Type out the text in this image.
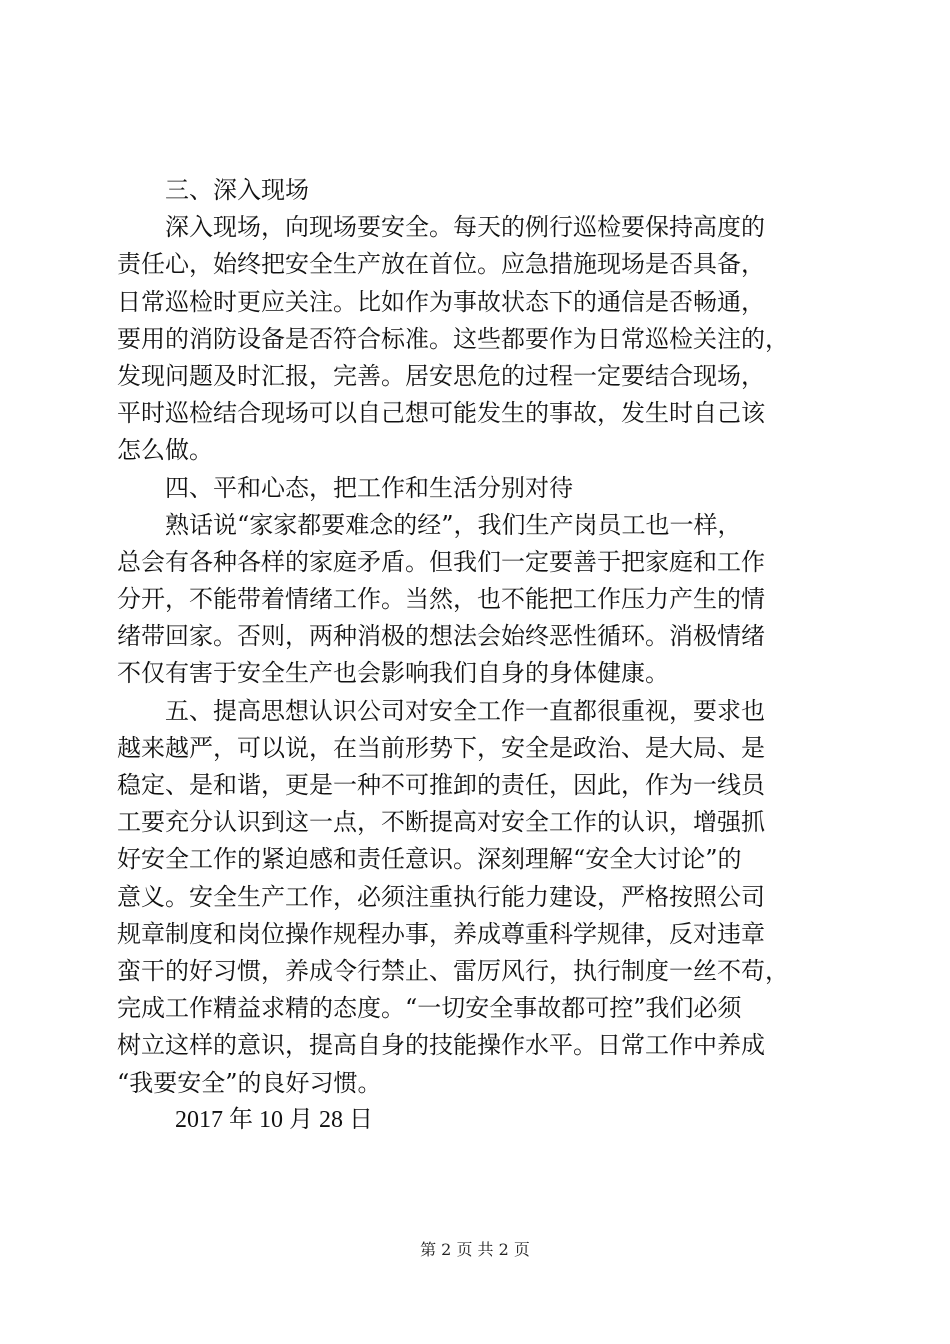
三、深入现场
深入现场，向现场要安全。每天的例行巡检要保持高度的
责任心，始终把安全生产放在首位。应急措施现场是否具备，
日常巡检时更应关注。比如作为事故状态下的通信是否畅通，
要用的消防设备是否符合标准。这些都要作为日常巡检关注的，
发现问题及时汇报，完善。居安思危的过程一定要结合现场，
平时巡检结合现场可以自己想可能发生的事故，发生时自己该
怎么做。
四、平和心态，把工作和生活分别对待
熟话说“家家都要难念的经”，我们生产岗员工也一样，
总会有各种各样的家庭矛盾。但我们一定要善于把家庭和工作
分开，不能带着情绪工作。当然，也不能把工作压力产生的情
绪带回家。否则，两种消极的想法会始终恶性循环。消极情绪
不仅有害于安全生产也会影响我们自身的身体健康。
五、提高思想认识公司对安全工作一直都很重视，要求也
越来越严，可以说，在当前形势下，安全是政治、是大局、是
稳定、是和谐，更是一种不可推卸的责任，因此，作为一线员
工要充分认识到这一点，不断提高对安全工作的认识，增强抓
好安全工作的紧迫感和责任意识。深刻理解“安全大讨论”的
意义。安全生产工作，必须注重执行能力建设，严格按照公司
规章制度和岗位操作规程办事，养成尊重科学规律，反对违章
蛮干的好习惯，养成令行禁止、雷厉风行，执行制度一丝不苟，
完成工作精益求精的态度。“一切安全事故都可控”我们必须
树立这样的意识，提高自身的技能操作水平。日常工作中养成
“我要安全”的良好习惯。
2017 年 10 月 28 日
第 2 页 共 2 页
